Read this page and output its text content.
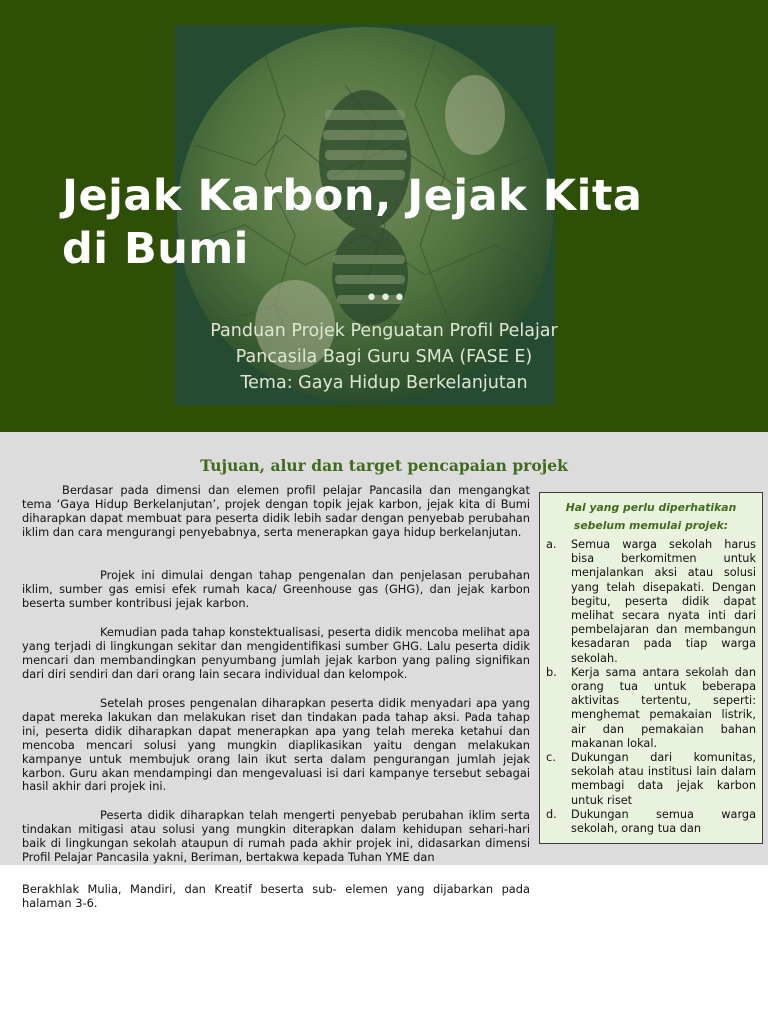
Jejak Karbon, Jejak Kita di Bumi
•••
Panduan Projek Penguatan Profil Pelajar
Pancasila Bagi Guru SMA (FASE E)
Tema: Gaya Hidup Berkelanjutan
Tujuan, alur dan target pencapaian projek

Berdasar pada dimensi dan elemen profil pelajar Pancasila dan mengangkat tema ‘Gaya Hidup Berkelanjutan’, projek dengan topik jejak karbon, jejak kita di Bumi diharapkan dapat membuat para peserta didik lebih sadar dengan penyebab perubahan iklim dan cara mengurangi penyebabnya, serta menerapkan gaya hidup berkelanjutan.

Projek ini dimulai dengan tahap pengenalan dan penjelasan perubahan iklim, sumber gas emisi efek rumah kaca/ Greenhouse gas (GHG), dan jejak karbon beserta sumber kontribusi jejak karbon.

Kemudian pada tahap konstektualisasi, peserta didik mencoba melihat apa yang terjadi di lingkungan sekitar dan mengidentifikasi sumber GHG. Lalu peserta didik mencari dan membandingkan penyumbang jumlah jejak karbon yang paling signifikan dari diri sendiri dan dari orang lain secara individual dan kelompok.

Setelah proses pengenalan diharapkan peserta didik menyadari apa yang dapat mereka lakukan dan melakukan riset dan tindakan pada tahap aksi. Pada tahap ini, peserta didik diharapkan dapat menerapkan apa yang telah mereka ketahui dan mencoba mencari solusi yang mungkin diaplikasikan yaitu dengan melakukan kampanye untuk membujuk orang lain ikut serta dalam pengurangan jumlah jejak karbon. Guru akan mendampingi dan mengevaluasi isi dari kampanye tersebut sebagai hasil akhir dari projek ini.

Peserta didik diharapkan telah mengerti penyebab perubahan iklim serta tindakan mitigasi atau solusi yang mungkin diterapkan dalam kehidupan sehari-hari baik di lingkungan sekolah ataupun di rumah pada akhir projek ini, didasarkan dimensi Profil Pelajar Pancasila yakni, Beriman, bertakwa kepada Tuhan YME dan

Berakhlak Mulia, Mandiri, dan Kreatif beserta sub- elemen yang dijabarkan pada halaman 3-6.

Hal yang perlu diperhatikan sebelum memulai projek:
a. Semua warga sekolah harus bisa berkomitmen untuk menjalankan aksi atau solusi yang telah disepakati. Dengan begitu, peserta didik dapat melihat secara nyata inti dari pembelajaran dan membangun kesadaran pada tiap warga sekolah.
b. Kerja sama antara sekolah dan orang tua untuk beberapa aktivitas tertentu, seperti: menghemat pemakaian listrik, air dan pemakaian bahan makanan lokal.
c. Dukungan dari komunitas, sekolah atau institusi lain dalam membagi data jejak karbon untuk riset
d. Dukungan semua warga sekolah, orang tua dan
